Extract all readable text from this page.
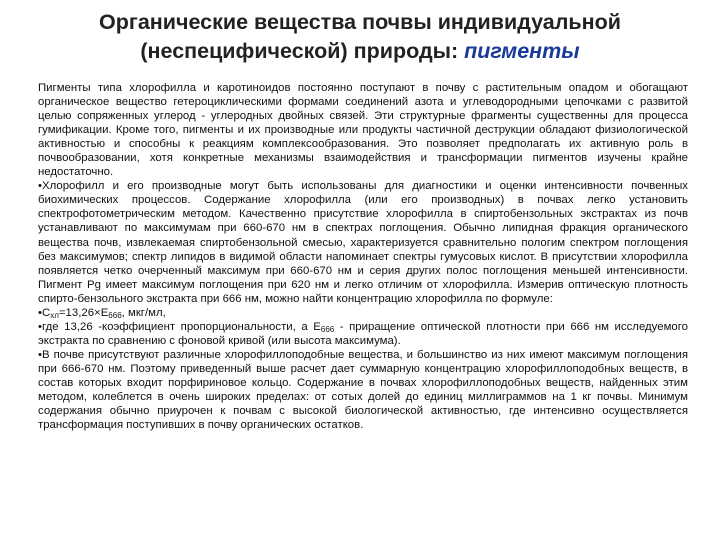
Органические вещества почвы индивидуальной
(неспецифической) природы: пигменты

Пигменты типа хлорофилла и каротиноидов постоянно поступают в почву с растительным опадом и обогащают органическое вещество гетероциклическими формами соединений азота и углеводородными цепочками с развитой целью сопряженных углерод - углеродных двойных связей. Эти структурные фрагменты существенны для процесса гумификации. Кроме того, пигменты и их производные или продукты частичной деструкции обладают физиологической активностью и способны к реакциям комплексообразования. Это позволяет предполагать их активную роль в почвообразовании, хотя конкретные механизмы взаимодействия и трансформации пигментов изучены крайне недостаточно.

•Хлорофилл и его производные могут быть использованы для диагностики и оценки интенсивности почвенных биохимических процессов. Содержание хлорофилла (или его производных) в почвах легко установить спектрофотометрическим методом. Качественно присутствие хлорофилла в спиртобензольных экстрактах из почв устанавливают по максимумам при 660-670 нм в спектрах поглощения. Обычно липидная фракция органического вещества почв, извлекаемая спиртобензольной смесью, характеризуется сравнительно пологим спектром поглощения без максимумов; спектр липидов в видимой области напоминает спектры гумусовых кислот. В присутствии хлорофилла появляется четко очерченный максимум при 660-670 нм и серия других полос поглощения меньшей интенсивности. Пигмент Pg имеет максимум поглощения при 620 нм и легко отличим от хлорофилла. Измерив оптическую плотность спирто-бензольного экстракта при 666 нм, можно найти концентрацию хлорофилла по формуле:

$•С_{хл}=13,26\times Е_{666}$, мкг/мл,

•где 13,26 -коэффициент пропорциональности, а $Е_{666}$ - приращение оптической плотности при 666 нм исследуемого экстракта по сравнению с фоновой кривой (или высота максимума).

•В почве присутствуют различные хлорофиллоподобные вещества, и большинство из них имеют максимум поглощения при 666-670 нм. Поэтому приведенный выше расчет дает суммарную концентрацию хлорофиллоподобных веществ, в состав которых входит порфириновое кольцо. Содержание в почвах хлорофиллоподобных веществ, найденных этим методом, колеблется в очень широких пределах: от сотых долей до единиц миллиграммов на 1 кг почвы. Минимум содержания обычно приурочен к почвам с высокой биологической активностью, где интенсивно осуществляется трансформация поступивших в почву органических остатков.
